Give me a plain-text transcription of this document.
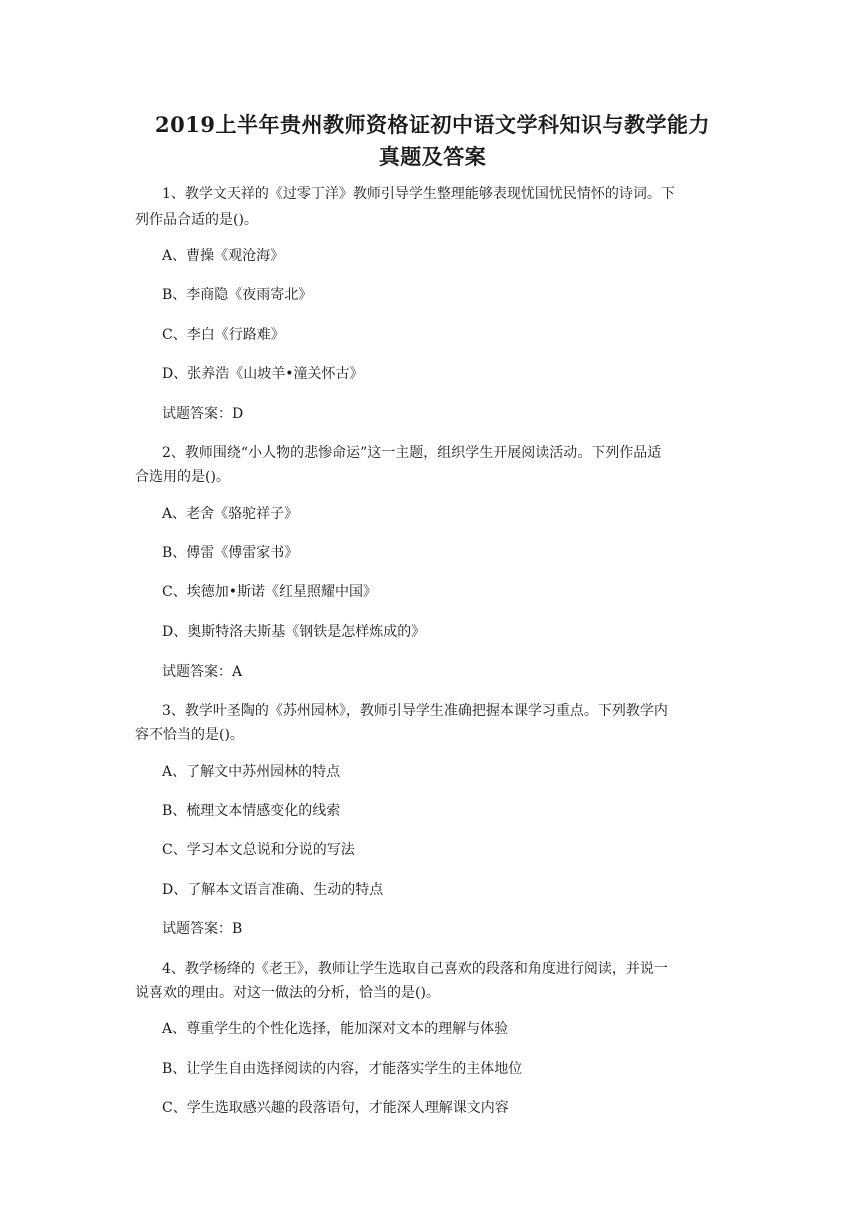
2019上半年贵州教师资格证初中语文学科知识与教学能力
真题及答案

1、教学文天祥的《过零丁洋》教师引导学生整理能够表现忧国忧民情怀的诗词。下

列作品合适的是()。

A、曹操《观沧海》

B、李商隐《夜雨寄北》

C、李白《行路难》

D、张养浩《山坡羊•潼关怀古》

试题答案：D

2、教师围绕“小人物的悲惨命运”这一主题，组织学生开展阅读活动。下列作品适

合选用的是()。

A、老舍《骆驼祥子》

B、傅雷《傅雷家书》

C、埃德加•斯诺《红星照耀中国》

D、奥斯特洛夫斯基《钢铁是怎样炼成的》

试题答案：A

3、教学叶圣陶的《苏州园林》，教师引导学生准确把握本课学习重点。下列教学内

容不恰当的是()。

A、了解文中苏州园林的特点

B、梳理文本情感变化的线索

C、学习本文总说和分说的写法

D、了解本文语言准确、生动的特点

试题答案：B

4、教学杨绛的《老王》，教师让学生选取自己喜欢的段落和角度进行阅读，并说一

说喜欢的理由。对这一做法的分析，恰当的是()。

A、尊重学生的个性化选择，能加深对文本的理解与体验

B、让学生自由选择阅读的内容，才能落实学生的主体地位

C、学生选取感兴趣的段落语句，才能深人理解课文内容
